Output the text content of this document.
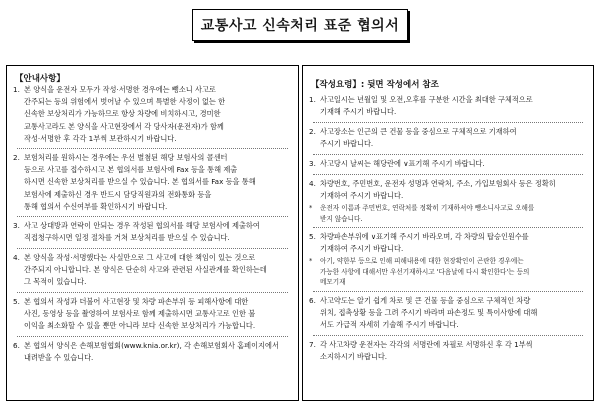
교통사고 신속처리 표준 협의서
【안내사항】
1. 본 양식을 운전자 모두가 작성·서명한 경우에는 뺑소니 사고로
간주되는 등의 위험에서 벗어날 수 있으며 특별한 사정이 없는 한
신속한 보상처리가 가능하므로 항상 차량에 비치하시고, 경미한
교통사고라도 본 양식을 사고현장에서 각 당사자(운전자)가 함께
작성·서명한 후 각각 1부씩 보관하시기 바랍니다.
2. 보험처리를 원하시는 경우에는 우선 별첨된 해당 보험사의 콜센터
등으로 사고를 접수하시고 본 협의서를 보험사에 Fax 등을 통해 제출
하시면 신속한 보상처리를 받으실 수 있습니다. 본 협의서를 Fax 등을 통해
보험사에 제출하신 경우 반드시 담당직원과의 전화통화 등을
통해 협의서 수신여부를 확인하시기 바랍니다.
3. 사고 상대방과 연락이 안되는 경우 작성된 협의서를 해당 보험사에 제출하여
직접청구하시면 일정 절차를 거쳐 보상처리를 받으실 수 있습니다.
4. 본 양식을 작성·서명했다는 사실만으로 그 사고에 대한 책임이 있는 것으로
간주되지 아니합니다. 본 양식은 단순히 사고와 관련된 사실관계를 확인하는데
그 목적이 있습니다.
5. 본 협의서 작성과 더불어 사고현장 및 차량 파손부위 등 피해사항에 대한
사진, 동영상 등을 촬영하여 보험사로 함께 제출하시면 교통사고로 인한 불
이익을 최소화할 수 있을 뿐만 아니라 보다 신속한 보상처리가 가능합니다.
6. 본 협의서 양식은 손해보험협회(www.knia.or.kr), 각 손해보험회사 홈페이지에서
내려받을 수 있습니다.
【작성요령】: 뒷면 작성에서 참조
1. 사고일시는 년월일 및 오전,오후를 구분한 시간을 최대한 구체적으로
기재해 주시기 바랍니다.
2. 사고장소는 인근의 큰 건물 등을 중심으로 구체적으로 기재하여
주시기 바랍니다.
3. 사고당시 날씨는 해당란에 ∨표기해 주시기 바랍니다.
4. 차량번호, 주민번호, 운전자 성명과 연락처, 주소, 가입보험회사 등은 정확히
기재하여 주시기 바랍니다.
*	운전자 이름과 주민번호, 연락처를 정확히 기재하셔야 뺑소니사고로 오해를
받지 않습니다.
5. 차량파손부위에 ∨표기해 주시기 바라오며, 각 차량의 탑승인원수를
기재하여 주시기 바랍니다.
*	아기, 약한부 등으로 인해 피해내용에 대한 현장확인이 곤란한 경우에는
가능한 사항에 대해서만 우선기재하시고 '다음날에 다시 확인한다'는 등의
메모기재
6. 사고약도는 알기 쉽게 차로 및 큰 건물 등을 중심으로 구체적인 차량
위치, 접촉상황 등을 그려 주시기 바라며 파손정도 및 특이사항에 대해
서도 가급적 자세히 기술해 주시기 바랍니다.
7. 각 사고차량 운전자는 각각의 서명란에 자필로 서명하신 후 각 1부씩
소지하시기 바랍니다.
